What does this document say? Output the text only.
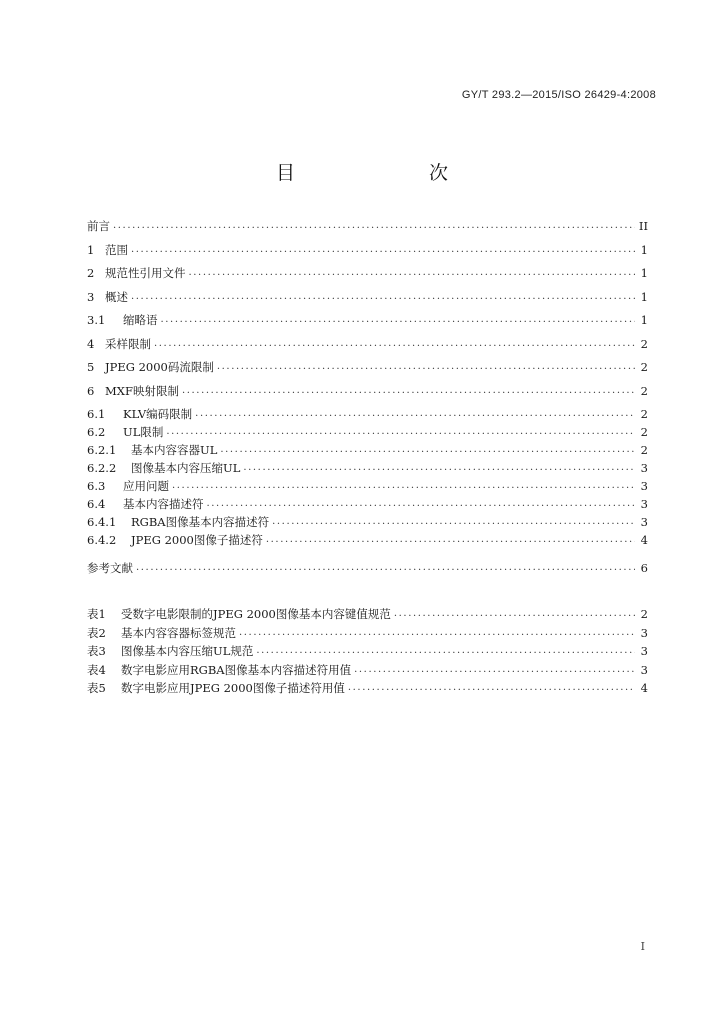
GY/T 293.2—2015/ISO 26429-4:2008
目　　次
前言 .....	II
1 范围 .....	1
2 规范性引用文件 .....	1
3 概述 .....	1
3.1	缩略语 .....	1
4 采样限制 .....	2
5 JPEG 2000码流限制 .....	2
6 MXF映射限制 .....	2
6.1	KLV编码限制 .....	2
6.2	UL限制 .....	2
6.2.1	基本内容容器UL .....	2
6.2.2	图像基本内容压缩UL .....	3
6.3	应用问题 .....	3
6.4	基本内容描述符 .....	3
6.4.1	RGBA图像基本内容描述符 .....	3
6.4.2	JPEG 2000图像子描述符 .....	4
参考文献 .....	6
表1	受数字电影限制的JPEG 2000图像基本内容键值规范 .....	2
表2	基本内容容器标签规范 .....	3
表3	图像基本内容压缩UL规范 .....	3
表4	数字电影应用RGBA图像基本内容描述符用值 .....	3
表5	数字电影应用JPEG 2000图像子描述符用值 .....	4
I
